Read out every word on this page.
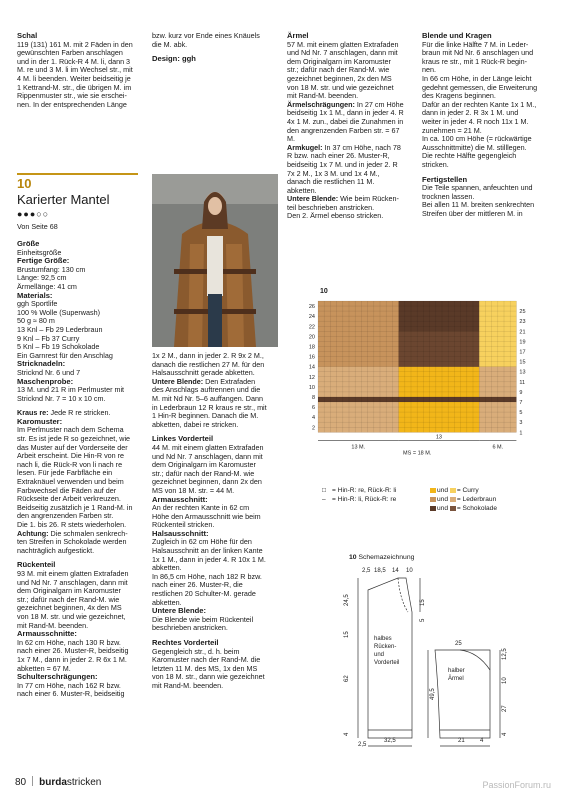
Schal

119 (131) 161 M. mit 2 Fäden in den

gewünschten Farben anschlagen

und in der 1. Rück-R 4 M. li, dann 3

M. re und 3 M. li im Wechsel str., mit

4 M. li beenden. Weiter beidseitig je

1 Kettrand-M. str., die übrigen M. im

Rippenmuster str., wie sie erschei-

nen. In der entsprechenden Länge

bzw. kurz vor Ende eines Knäuels

die M. abk.

Design: ggh

Ärmel

57 M. mit einem glatten Extrafaden

und Nd Nr. 7 anschlagen, dann mit

dem Originalgarn im Karomuster

str.; dafür nach der Rand-M. wie

gezeichnet beginnen, 2x den MS

von 18 M. str. und wie gezeichnet

mit Rand-M. beenden.

Ärmelschrägungen: In 27 cm Höhe

beidseitig 1x 1 M., dann in jeder 4. R

4x 1 M. zun., dabei die Zunahmen in

den angrenzenden Farben str. = 67

M.

Armkugel: In 37 cm Höhe, nach 78

R bzw. nach einer 26. Muster-R,

beidseitig 1x 7 M. und in jeder 2. R

7x 2 M., 1x 3 M. und 1x 4 M.,

danach die restlichen 11 M.

abketten.

Untere Blende: Wie beim Rücken-

teil beschrieben anstricken.

Den 2. Ärmel ebenso stricken.

Blende und Kragen

Für die linke Hälfte 7 M. in Leder-

braun mit Nd Nr. 6 anschlagen und

kraus re str., mit 1 Rück-R begin-

nen.

In 66 cm Höhe, in der Länge leicht

gedehnt gemessen, die Erweiterung

des Kragens beginnen.

Dafür an der rechten Kante 1x 1 M.,

dann in jeder 2. R 3x 1 M. und

weiter in jeder 4. R noch 11x 1 M.

zunehmen = 21 M.

In ca. 100 cm Höhe (= rückwärtige

Ausschnittmitte) die M. stilllegen.

Die rechte Hälfte gegengleich

stricken.

Fertigstellen

Die Teile spannen, anfeuchten und

trocknen lassen.

Bei allen 11 M. breiten senkrechten

Streifen über der mittleren M. in

10
Karierter Mantel
●●●○○
Von Seite 68

Größe

Einheitsgröße

Fertige Größe:

Brustumfang: 130 cm

Länge: 92,5 cm

Ärmellänge: 41 cm

Materials:

ggh Sportlife

100 % Wolle (Superwash)

50 g ≈ 80 m

13 Knl – Fb 29 Lederbraun

9 Knl – Fb 37 Curry

5 Knl – Fb 19 Schokolade

Ein Garnrest für den Anschlag

Stricknadeln:

Stricknd Nr. 6 und 7

Maschenprobe:

13 M. und 21 R im Perlmuster mit

Stricknd Nr. 7 = 10 x 10 cm.

Kraus re: Jede R re stricken.

Karomuster:

Im Perlmuster nach dem Schema

str. Es ist jede R so gezeichnet, wie

das Muster auf der Vorderseite der

Arbeit erscheint. Die Hin-R von re

nach li, die Rück-R von li nach re

lesen. Für jede Farbfläche ein

Extraknäuel verwenden und beim

Farbwechsel die Fäden auf der

Rückseite der Arbeit verkreuzen.

Beidseitig zusätzlich je 1 Rand-M. in

den angrenzenden Farben str.

Die 1. bis 26. R stets wiederholen.

Achtung: Die schmalen senkrech-

ten Streifen in Schokolade werden

nachträglich aufgestickt.

Rückenteil

93 M. mit einem glatten Extrafaden

und Nd Nr. 7 anschlagen, dann mit

dem Originalgarn im Karomuster

str.; dafür nach der Rand-M. wie

gezeichnet beginnen, 4x den MS

von 18 M. str. und wie gezeichnet,

mit Rand-M. beenden.

Armausschnitte:

In 62 cm Höhe, nach 130 R bzw.

nach einer 26. Muster-R, beidseitig

1x 7 M., dann in jeder 2. R 6x 1 M.

abketten = 67 M.

Schulterschrägungen:

In 77 cm Höhe, nach 162 R bzw.

nach einer 6. Muster-R, beidseitig

1x 2 M., dann in jeder 2. R 9x 2 M.,

danach die restlichen 27 M. für den

Halsausschnitt gerade abketten.

Untere Blende: Den Extrafaden

des Anschlags auftrennen und die

M. mit Nd Nr. 5–6 auffangen. Dann

in Lederbraun 12 R kraus re str., mit

1 Hin-R beginnen. Danach die M.

abketten, dabei re stricken.

Linkes Vorderteil

44 M. mit einem glatten Extrafaden

und Nd Nr. 7 anschlagen, dann mit

dem Originalgarn im Karomuster

str.; dafür nach der Rand-M. wie

gezeichnet beginnen, dann 2x den

MS von 18 M. str. = 44 M.

Armausschnitt:

An der rechten Kante in 62 cm

Höhe den Armausschnitt wie beim

Rückenteil stricken.

Halsausschnitt:

Zugleich in 62 cm Höhe für den

Halsausschnitt an der linken Kante

1x 1 M., dann in jeder 4. R 10x 1 M.

abketten.

In 86,5 cm Höhe, nach 182 R bzw.

nach einer 26. Muster-R, die

restlichen 20 Schulter-M. gerade

abketten.

Untere Blende:

Die Blende wie beim Rückenteil

beschrieben anstricken.

Rechtes Vorderteil

Gegengleich str., d. h. beim

Karomuster nach der Rand-M. die

letzten 11 M. des MS, 1x den MS

von 18 M. str., dann wie gezeichnet

mit Rand-M. beenden.

10
26
24
22
20
18
16
14
12
10
8
6
4
2
25
23
21
19
17
15
13
11
9
7
5
3
1
13 M.
13
6 M.
MS = 18 M.
□ = Hin-R: re, Rück-R: li
– = Hin-R: li, Rück-R: re
und = Curry
und = Lederbraun
und = Schokolade
10 Schemazeichnung
2,5 18,5 14 10
24,5
15
62
4
15
5
2,5
32,5
halbes
Rücken-
und
Vorderteil
25
halber
Ärmel
12,5
10
49,5
27
4
21	4
80 burdastricken	PassionForum.ru
